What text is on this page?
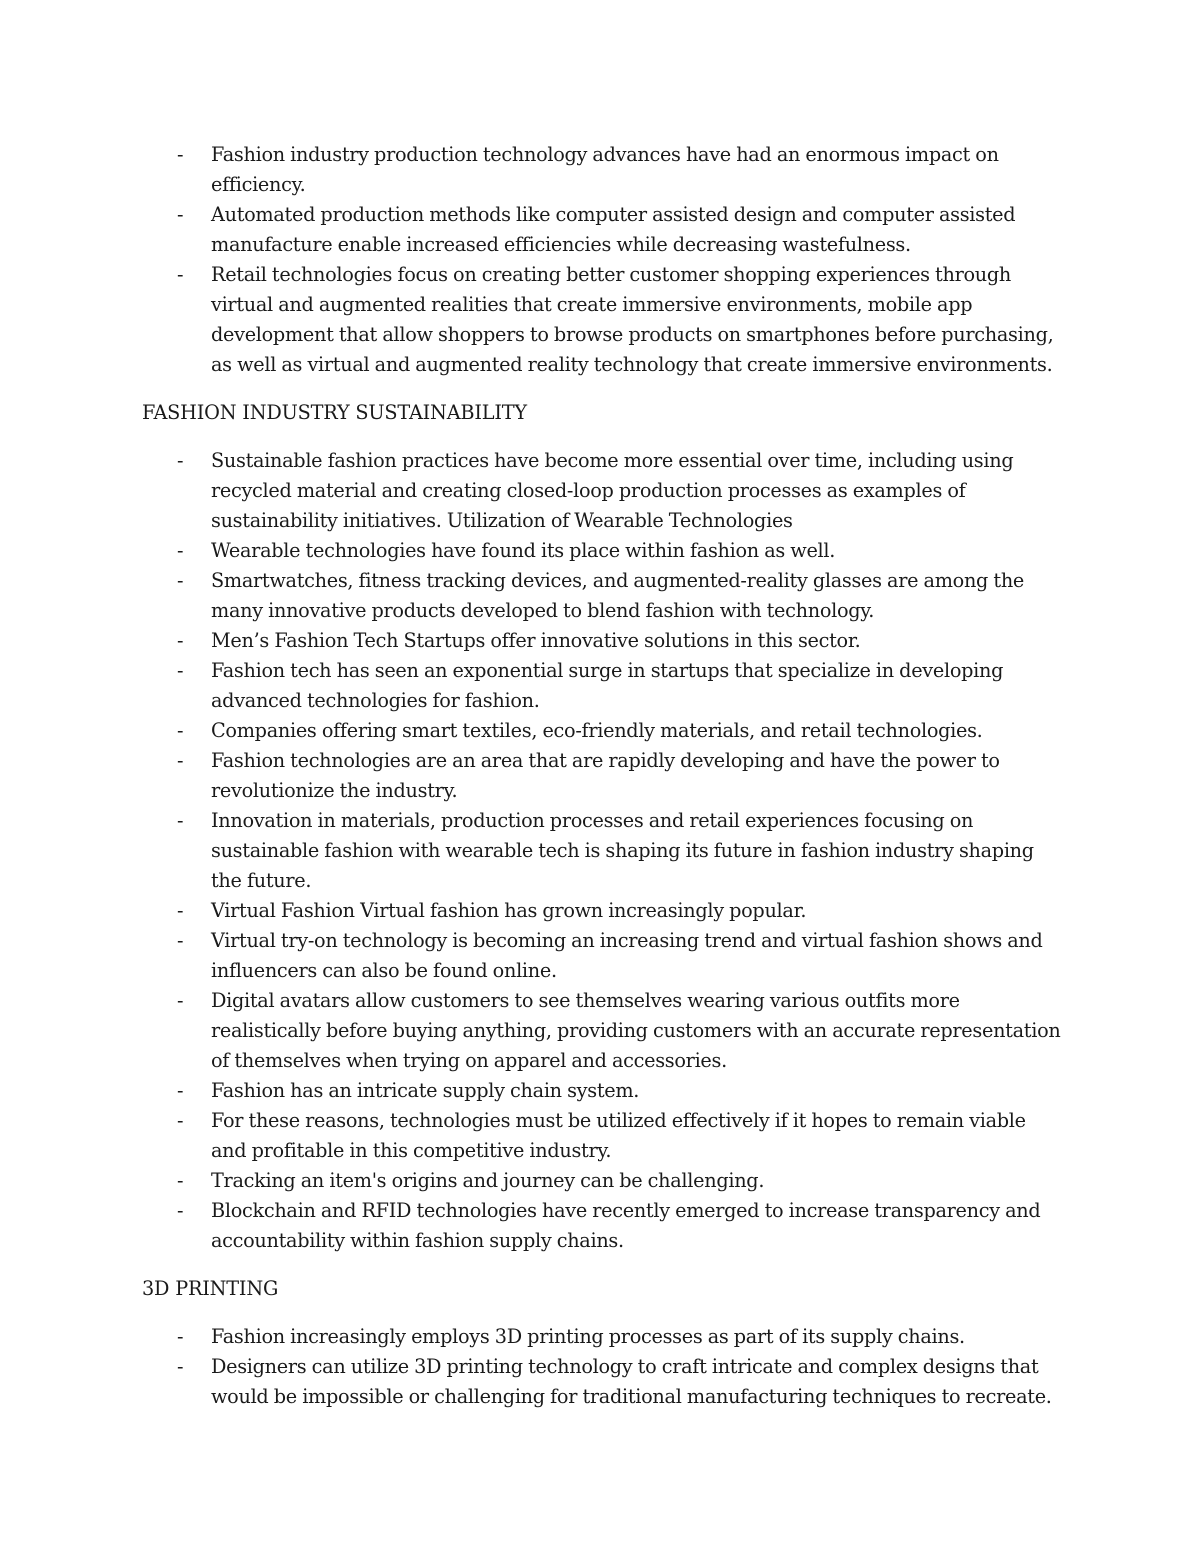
- Fashion industry production technology advances have had an enormous impact on efficiency.
- Automated production methods like computer assisted design and computer assisted manufacture enable increased efficiencies while decreasing wastefulness.
- Retail technologies focus on creating better customer shopping experiences through virtual and augmented realities that create immersive environments, mobile app development that allow shoppers to browse products on smartphones before purchasing, as well as virtual and augmented reality technology that create immersive environments.
FASHION INDUSTRY SUSTAINABILITY
- Sustainable fashion practices have become more essential over time, including using recycled material and creating closed-loop production processes as examples of sustainability initiatives. Utilization of Wearable Technologies
- Wearable technologies have found its place within fashion as well.
- Smartwatches, fitness tracking devices, and augmented-reality glasses are among the many innovative products developed to blend fashion with technology.
- Men’s Fashion Tech Startups offer innovative solutions in this sector.
- Fashion tech has seen an exponential surge in startups that specialize in developing advanced technologies for fashion.
- Companies offering smart textiles, eco-friendly materials, and retail technologies.
- Fashion technologies are an area that are rapidly developing and have the power to revolutionize the industry.
- Innovation in materials, production processes and retail experiences focusing on sustainable fashion with wearable tech is shaping its future in fashion industry shaping the future.
- Virtual Fashion Virtual fashion has grown increasingly popular.
- Virtual try-on technology is becoming an increasing trend and virtual fashion shows and influencers can also be found online.
- Digital avatars allow customers to see themselves wearing various outfits more realistically before buying anything, providing customers with an accurate representation of themselves when trying on apparel and accessories.
- Fashion has an intricate supply chain system.
- For these reasons, technologies must be utilized effectively if it hopes to remain viable and profitable in this competitive industry.
- Tracking an item's origins and journey can be challenging.
- Blockchain and RFID technologies have recently emerged to increase transparency and accountability within fashion supply chains.
3D PRINTING
- Fashion increasingly employs 3D printing processes as part of its supply chains.
- Designers can utilize 3D printing technology to craft intricate and complex designs that would be impossible or challenging for traditional manufacturing techniques to recreate.
